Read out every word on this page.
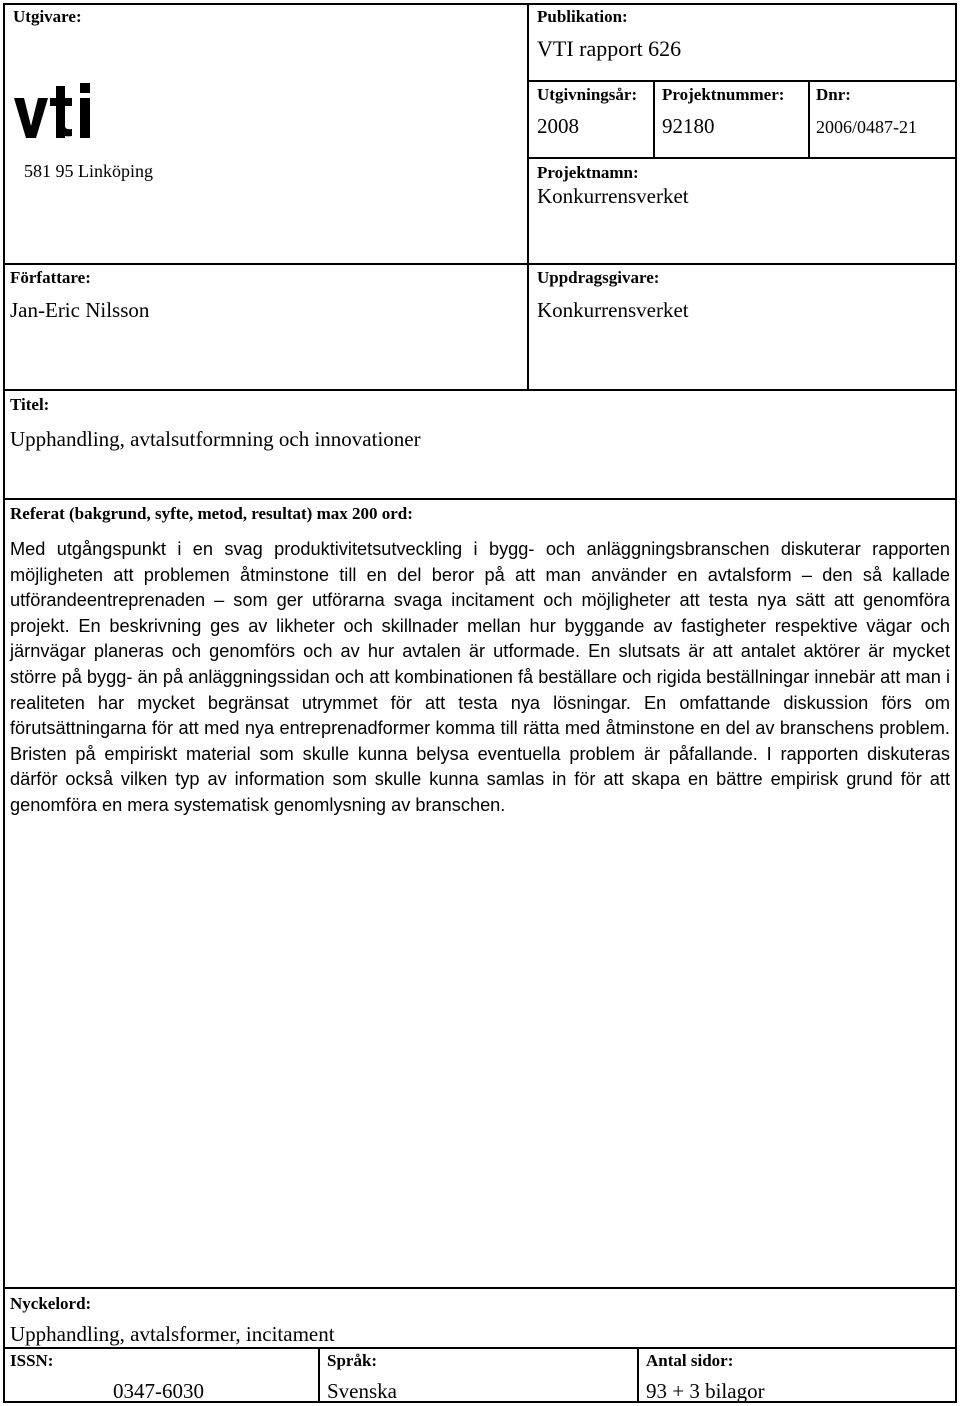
Utgivare:
581 95 Linköping
Publikation:
VTI rapport 626
Utgivningsår:
2008
Projektnummer:
92180
Dnr:
2006/0487-21
Projektnamn:
Konkurrensverket
Författare:
Jan-Eric Nilsson
Uppdragsgivare:
Konkurrensverket
Titel:
Upphandling, avtalsutformning och innovationer
Referat (bakgrund, syfte, metod, resultat) max 200 ord:
Med utgångspunkt i en svag produktivitetsutveckling i bygg- och anläggningsbranschen diskuterar rapporten möjligheten att problemen åtminstone till en del beror på att man använder en avtalsform – den så kallade utförandeentreprenaden – som ger utförarna svaga incitament och möjligheter att testa nya sätt att genomföra projekt. En beskrivning ges av likheter och skillnader mellan hur byggande av fastigheter respektive vägar och järnvägar planeras och genomförs och av hur avtalen är utformade. En slutsats är att antalet aktörer är mycket större på bygg- än på anläggningssidan och att kombinationen få beställare och rigida beställningar innebär att man i realiteten har mycket begränsat utrymmet för att testa nya lösningar. En omfattande diskussion förs om förutsättningarna för att med nya entreprenadformer komma till rätta med åtminstone en del av branschens problem. Bristen på empiriskt material som skulle kunna belysa eventuella problem är påfallande. I rapporten diskuteras därför också vilken typ av information som skulle kunna samlas in för att skapa en bättre empirisk grund för att genomföra en mera systematisk genomlysning av branschen.
Nyckelord:
Upphandling, avtalsformer, incitament
ISSN:
0347-6030
Språk:
Svenska
Antal sidor:
93 + 3 bilagor
